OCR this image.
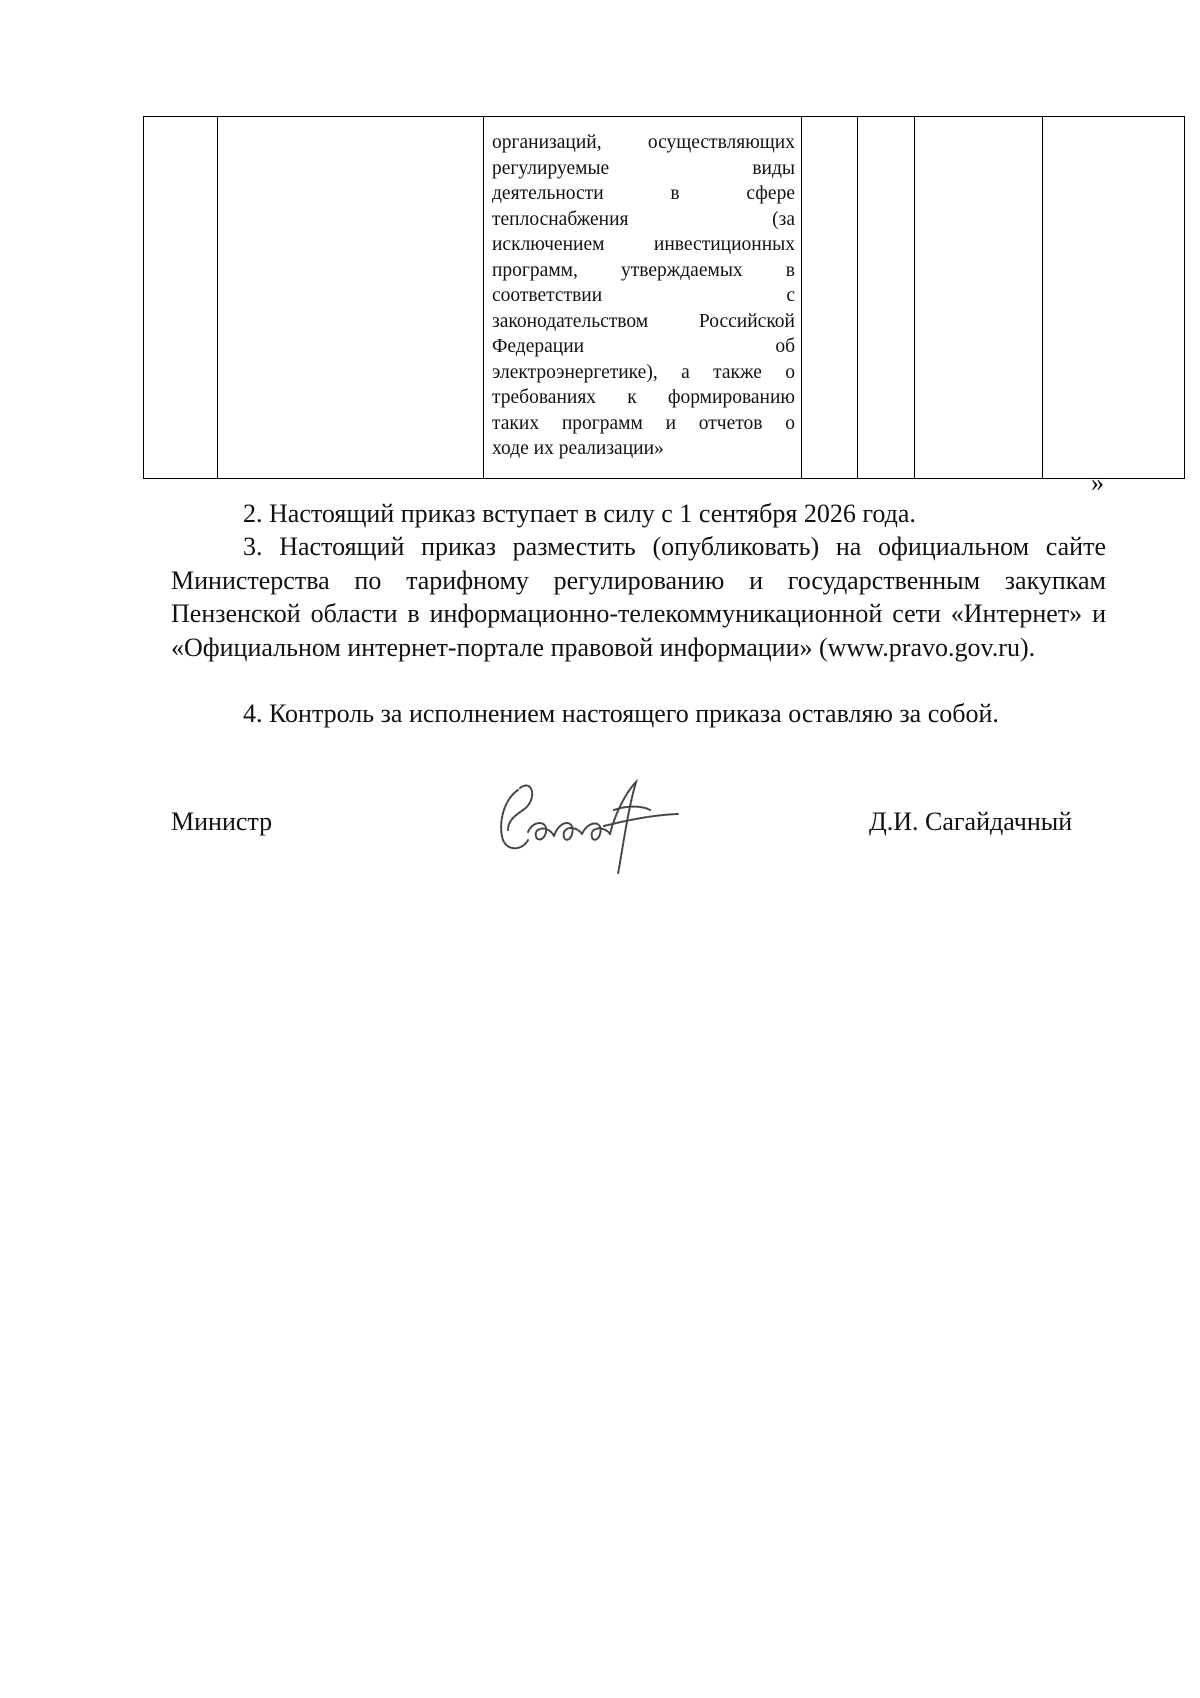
организаций, осуществляющих
регулируемые виды
деятельности в сфере
теплоснабжения (за
исключением инвестиционных
программ, утверждаемых в
соответствии с
законодательством Российской
Федерации об
электроэнергетике), а также о
требованиях к формированию
таких программ и отчетов о
ходе их реализации»

»

2. Настоящий приказ вступает в силу с 1 сентября 2026 года.

3. Настоящий приказ разместить (опубликовать) на официальном сайте Министерства по тарифному регулированию и государственным закупкам Пензенской области в информационно-телекоммуникационной сети «Интернет» и «Официальном интернет-портале правовой информации» (www.pravo.gov.ru).

4. Контроль за исполнением настоящего приказа оставляю за собой.

Министр	Д.И. Сагайдачный
